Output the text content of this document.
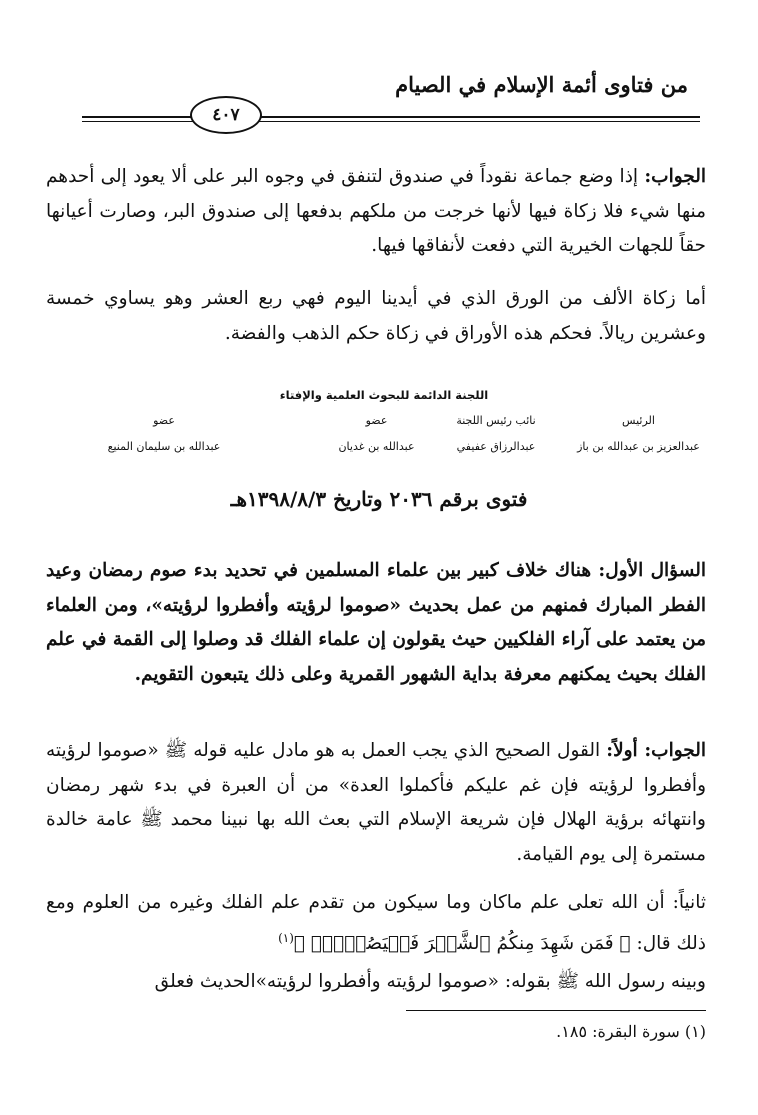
من فتاوى أئمة الإسلام في الصيام
٤٠٧

الجواب: إذا وضع جماعة نقوداً في صندوق لتنفق في وجوه البر على ألا يعود إلى أحدهم منها شيء فلا زكاة فيها لأنها خرجت من ملكهم بدفعها إلى صندوق البر، وصارت أعيانها حقاً للجهات الخيرية التي دفعت لأنفاقها فيها.

أما زكاة الألف من الورق الذي في أيدينا اليوم فهي ربع العشر وهو يساوي خمسة وعشرين ريالاً. فحكم هذه الأوراق في زكاة حكم الذهب والفضة.

اللجنة الدائمة للبحوث العلمية والإفتاء
الرئيس
عبدالعزيز بن عبدالله بن باز
نائب رئيس اللجنة
عبدالرزاق عفيفي
عضو
عبدالله بن غديان
عضو
عبدالله بن سليمان المنيع
فتوى برقم ٢٠٣٦ وتاريخ ١٣٩٨/٨/٣هـ

السؤال الأول: هناك خلاف كبير بين علماء المسلمين في تحديد بدء صوم رمضان وعيد الفطر المبارك فمنهم من عمل بحديث «صوموا لرؤيته وأفطروا لرؤيته»، ومن العلماء من يعتمد على آراء الفلكيين حيث يقولون إن علماء الفلك قد وصلوا إلى القمة في علم الفلك بحيث يمكنهم معرفة بداية الشهور القمرية وعلى ذلك يتبعون التقويم.

الجواب: أولاً: القول الصحيح الذي يجب العمل به هو مادل عليه قوله ﷺ «صوموا لرؤيته وأفطروا لرؤيته فإن غم عليكم فأكملوا العدة» من أن العبرة في بدء شهر رمضان وانتهائه برؤية الهلال فإن شريعة الإسلام التي بعث الله بها نبينا محمد ﷺ عامة خالدة مستمرة إلى يوم القيامة.

ثانياً: أن الله تعلى علم ماكان وما سيكون من تقدم علم الفلك وغيره من العلوم ومع ذلك قال: ﴿ فَمَن شَهِدَ مِنكُمُ ٱلشَّهۡرَ فَلۡيَصُمۡهُۖ ﴾$^{(١)}$

وبينه رسول الله ﷺ بقوله: «صوموا لرؤيته وأفطروا لرؤيته»الحديث فعلق

(١) سورة البقرة: ١٨٥.
